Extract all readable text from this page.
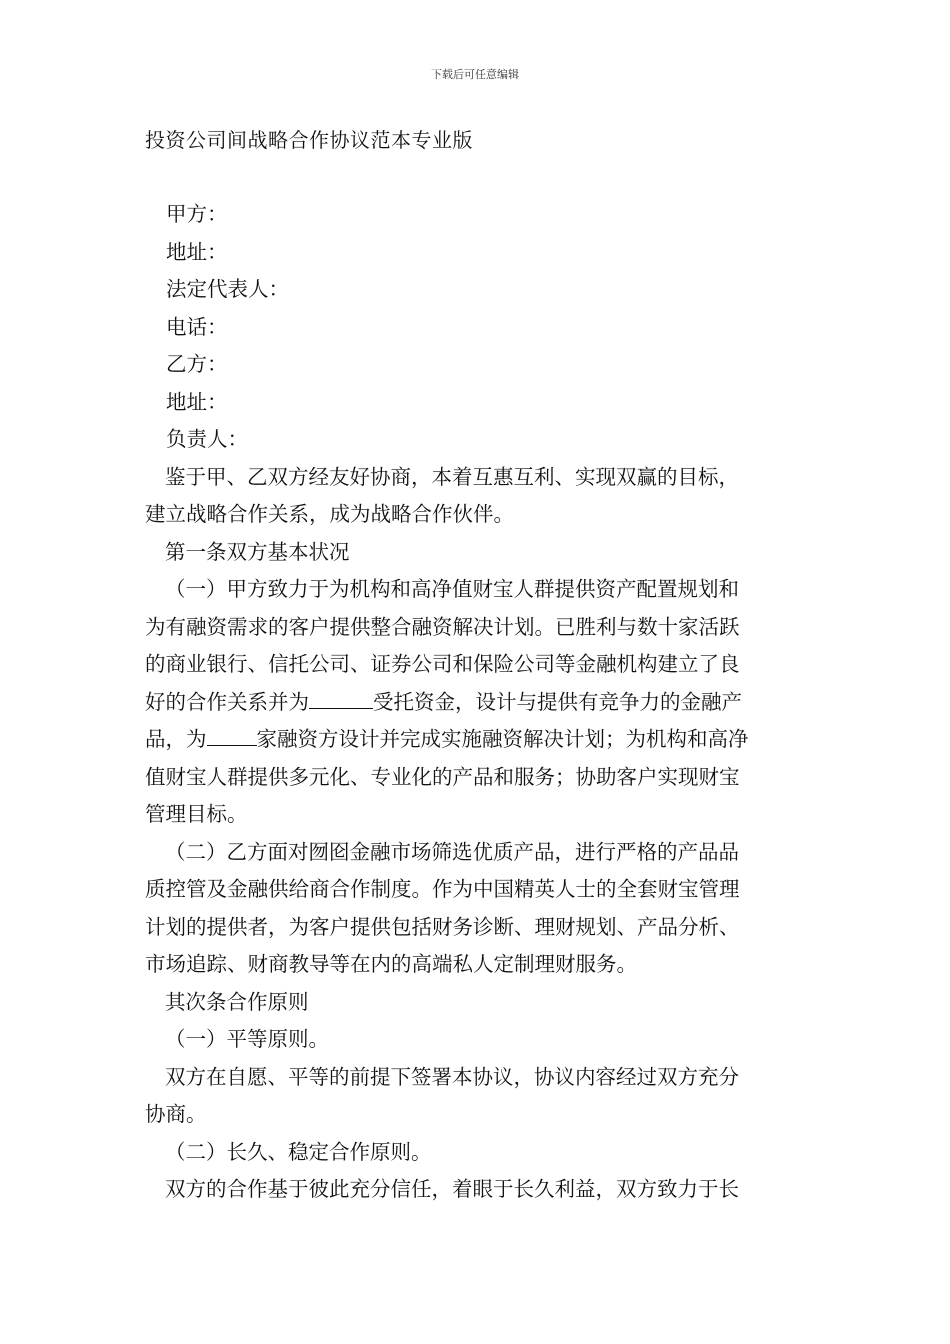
下载后可任意编辑
投资公司间战略合作协议范本专业版
甲方：
地址：
法定代表人：
电话：
乙方：
地址：
负责人：
鉴于甲、乙双方经友好协商，本着互惠互利、实现双赢的目标，
建立战略合作关系，成为战略合作伙伴。
第一条双方基本状况
（一）甲方致力于为机构和高净值财宝人群提供资产配置规划和
为有融资需求的客户提供整合融资解决计划。已胜利与数十家活跃
的商业银行、信托公司、证券公司和保险公司等金融机构建立了良
好的合作关系并为	受托资金，设计与提供有竞争力的金融产
品，为 家融资方设计并完成实施融资解决计划；为机构和高净
值财宝人群提供多元化、专业化的产品和服务；协助客户实现财宝
管理目标。
（二）乙方面对囫囵金融市场筛选优质产品，进行严格的产品品
质控管及金融供给商合作制度。作为中国精英人士的全套财宝管理
计划的提供者，为客户提供包括财务诊断、理财规划、产品分析、
市场追踪、财商教导等在内的高端私人定制理财服务。
其次条合作原则
（一）平等原则。
双方在自愿、平等的前提下签署本协议，协议内容经过双方充分
协商。
（二）长久、稳定合作原则。
双方的合作基于彼此充分信任，着眼于长久利益，双方致力于长
